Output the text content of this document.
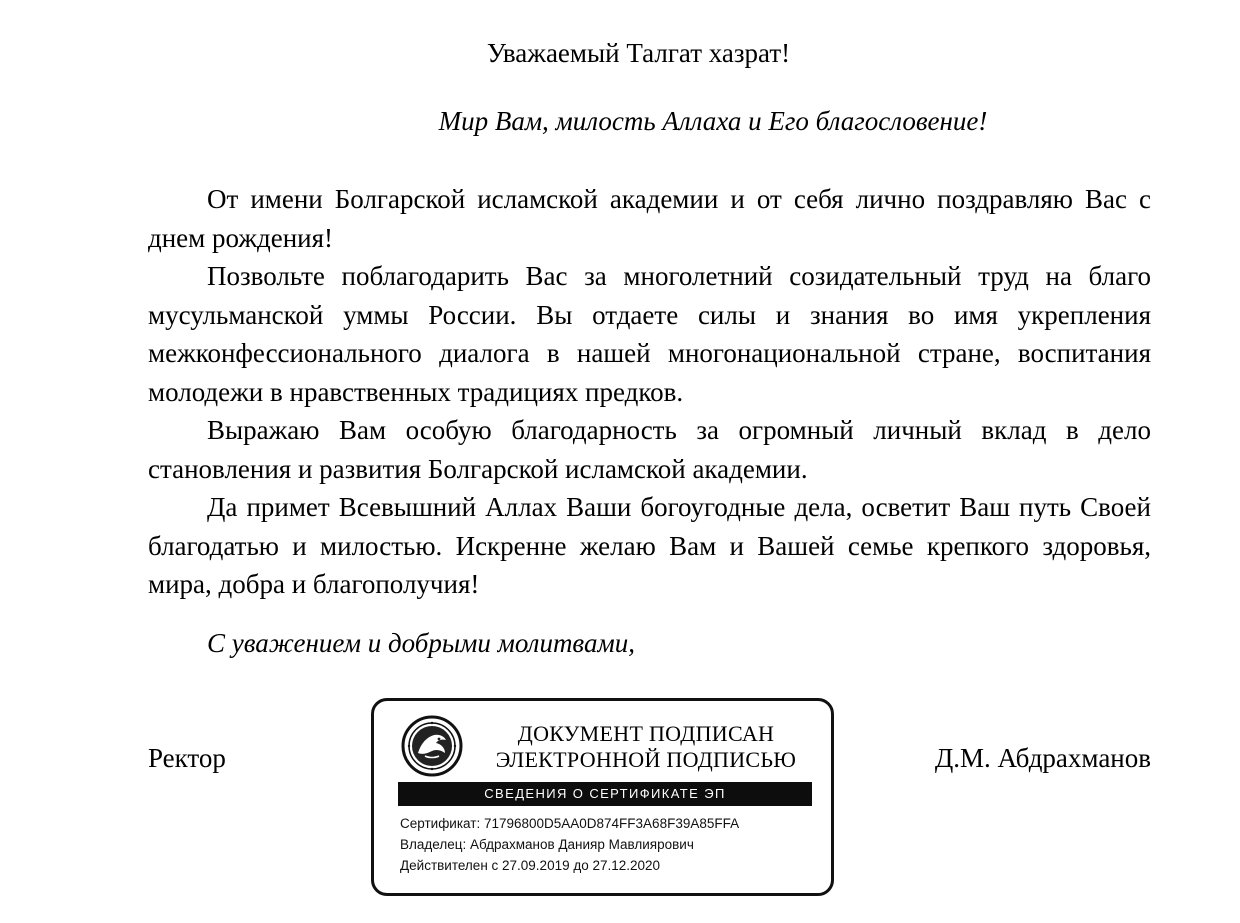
Уважаемый Талгат хазрат!

Мир Вам, милость Аллаха и Его благословение!

От имени Болгарской исламской академии и от себя лично поздравляю Вас с днем рождения!

Позвольте поблагодарить Вас за многолетний созидательный труд на благо мусульманской уммы России. Вы отдаете силы и знания во имя укрепления межконфессионального диалога в нашей многонациональной стране, воспитания молодежи в нравственных традициях предков.

Выражаю Вам особую благодарность за огромный личный вклад в дело становления и развития Болгарской исламской академии.

Да примет Всевышний Аллах Ваши богоугодные дела, осветит Ваш путь Своей благодатью и милостью. Искренне желаю Вам и Вашей семье крепкого здоровья, мира, добра и благополучия!

С уважением и добрыми молитвами,

Ректор

ДОКУМЕНТ ПОДПИСАН
ЭЛЕКТРОННОЙ ПОДПИСЬЮ
СВЕДЕНИЯ О СЕРТИФИКАТЕ ЭП
Сертификат: 71796800D5AA0D874FF3A68F39A85FFA
Владелец: Абдрахманов Данияр Мавлиярович
Действителен с 27.09.2019 до 27.12.2020

Д.М. Абдрахманов
